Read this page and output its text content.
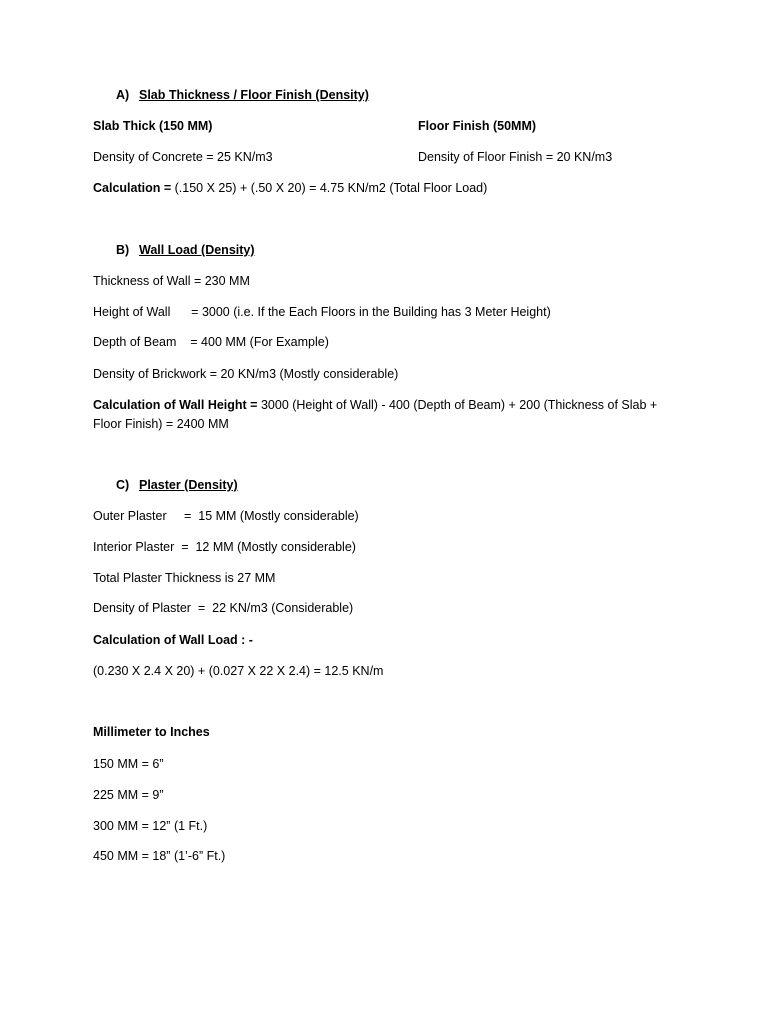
A) Slab Thickness / Floor Finish (Density)
Slab Thick (150 MM)	Floor Finish (50MM)
Density of Concrete = 25 KN/m3	Density of Floor Finish = 20 KN/m3
Calculation = (.150 X 25) + (.50 X 20) = 4.75 KN/m2 (Total Floor Load)
B) Wall Load (Density)
Thickness of Wall = 230 MM
Height of Wall      = 3000 (i.e. If the Each Floors in the Building has 3 Meter Height)
Depth of Beam    = 400 MM (For Example)
Density of Brickwork = 20 KN/m3 (Mostly considerable)
Calculation of Wall Height = 3000 (Height of Wall) - 400 (Depth of Beam) + 200 (Thickness of Slab + Floor Finish) = 2400 MM
C) Plaster (Density)
Outer Plaster     =  15 MM (Mostly considerable)
Interior Plaster  =  12 MM (Mostly considerable)
Total Plaster Thickness is 27 MM
Density of Plaster  =  22 KN/m3 (Considerable)
Calculation of Wall Load : -
(0.230 X 2.4 X 20) + (0.027 X 22 X 2.4) = 12.5 KN/m
Millimeter to Inches
150 MM = 6”
225 MM = 9”
300 MM = 12” (1 Ft.)
450 MM = 18” (1’-6” Ft.)
